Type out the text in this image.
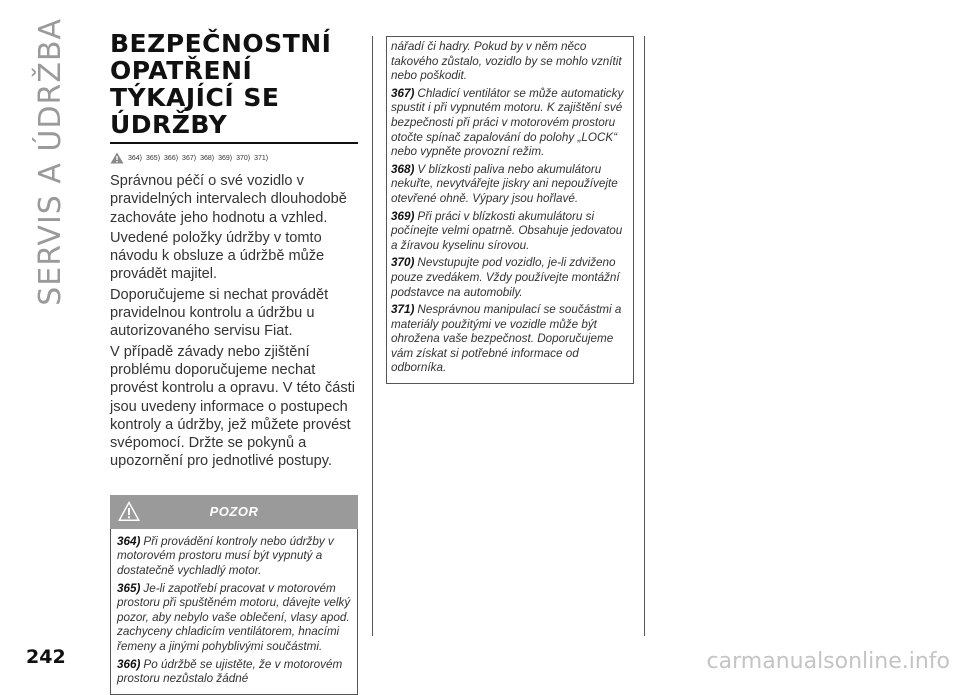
SERVIS A ÚDRŽBA BEZPEČNOSTNÍ OPATŘENÍ TÝKAJÍCÍ SE ÚDRŽBY
364) 365) 366) 367) 368) 369) 370) 371)

Správnou péčí o své vozidlo v pravidelných intervalech dlouhodobě zachováte jeho hodnotu a vzhled.

Uvedené položky údržby v tomto návodu k obsluze a údržbě může provádět majitel.

Doporučujeme si nechat provádět pravidelnou kontrolu a údržbu u autorizovaného servisu Fiat.

V případě závady nebo zjištění problému doporučujeme nechat provést kontrolu a opravu. V této části jsou uvedeny informace o postupech kontroly a údržby, jež můžete provést svépomocí. Držte se pokynů a upozornění pro jednotlivé postupy.

POZOR
364) Při provádění kontroly nebo údržby v motorovém prostoru musí být vypnutý a dostatečně vychladlý motor.
365) Je-li zapotřebí pracovat v motorovém prostoru při spuštěném motoru, dávejte velký pozor, aby nebylo vaše oblečení, vlasy apod. zachyceny chladicím ventilátorem, hnacími řemeny a jinými pohyblivými součástmi.
366) Po údržbě se ujistěte, že v motorovém prostoru nezůstalo žádné
nářadí či hadry. Pokud by v něm něco takového zůstalo, vozidlo by se mohlo vznítit nebo poškodit.
367) Chladicí ventilátor se může automaticky spustit i při vypnutém motoru. K zajištění své bezpečnosti při práci v motorovém prostoru otočte spínač zapalování do polohy „LOCK“ nebo vypněte provozní režim.
368) V blízkosti paliva nebo akumulátoru nekuřte, nevytvářejte jiskry ani nepoužívejte otevřené ohně. Výpary jsou hořlavé.
369) Při práci v blízkosti akumulátoru si počínejte velmi opatrně. Obsahuje jedovatou a žíravou kyselinu sírovou.
370) Nevstupujte pod vozidlo, je-li zdviženo pouze zvedákem. Vždy používejte montážní podstavce na automobily.
371) Nesprávnou manipulací se součástmi a materiály použitými ve vozidle může být ohrožena vaše bezpečnost. Doporučujeme vám získat si potřebné informace od odborníka.
242	carmanualsonline.info
